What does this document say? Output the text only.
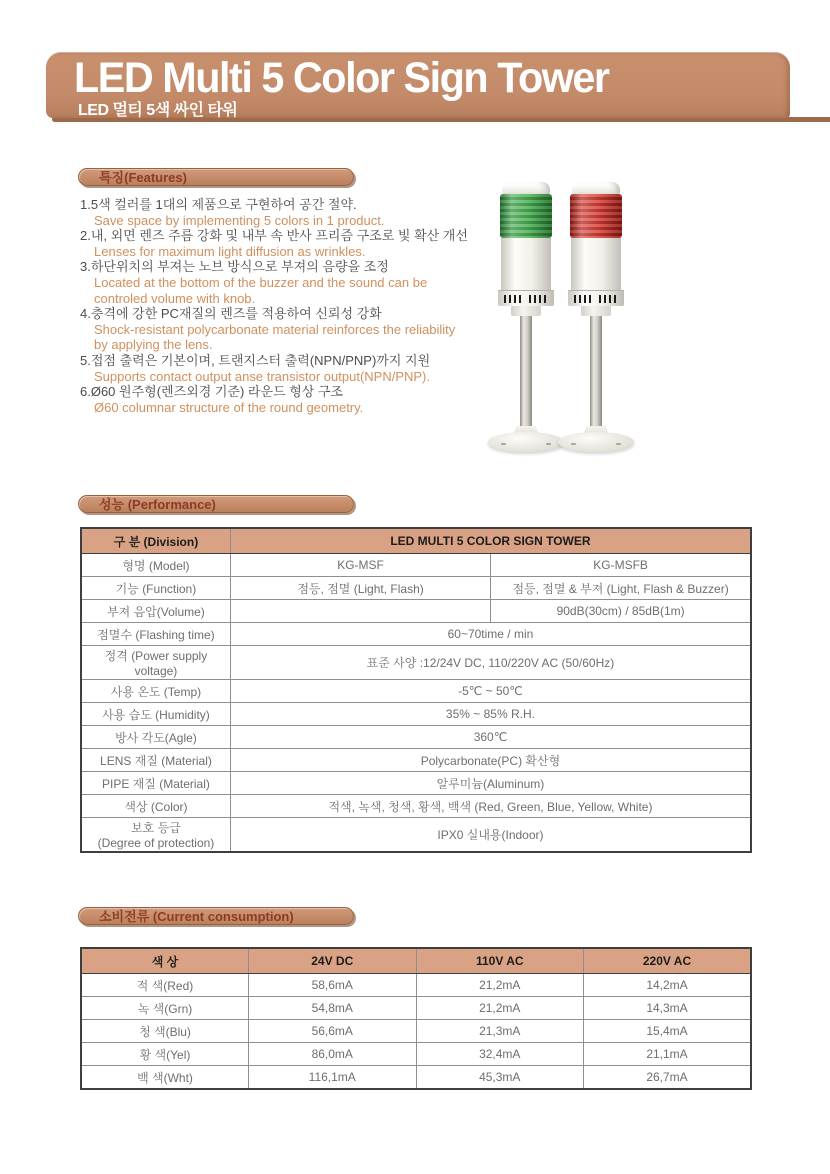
LED Multi 5 Color Sign Tower
LED 멀티 5색 싸인 타워
특징(Features)
1.5색 컬러를 1대의 제품으로 구현하여 공간 절약.
Save space by implementing 5 colors in 1 product.
2.내, 외면 렌즈 주름 강화 및 내부 속 반사 프리즘 구조로 빛 확산 개선
Lenses for maximum light diffusion as wrinkles.
3.하단위치의 부져는 노브 방식으로 부져의 음량을 조정
Located at the bottom of the buzzer and the sound can be
controled volume with knob.
4.충격에 강한 PC재질의 렌즈를 적용하여 신뢰성 강화
Shock-resistant polycarbonate material reinforces the reliability
by applying the lens.
5.접점 출력은 기본이며, 트랜지스터 출력(NPN/PNP)까지 지원
Supports contact output anse transistor output(NPN/PNP).
6.Ø60 원주형(렌즈외경 기준) 라운드 형상 구조
Ø60 columnar structure of the round geometry.
성능 (Performance)
구 분 (Division)	LED MULTI 5 COLOR SIGN TOWER	
형명 (Model)	KG-MSF	KG-MSFB
기능 (Function)	점등, 점멸 (Light, Flash)	점등, 점멸 & 부져 (Light, Flash & Buzzer)
부져 음압(Volume)		90dB(30cm) / 85dB(1m)
점멸수 (Flashing time)	60~70time / min	
정격 (Power supply voltage)	표준 사양 :12/24V DC, 110/220V AC (50/60Hz)	
사용 온도 (Temp)	-5℃ ~ 50℃	
사용 습도 (Humidity)	35% ~ 85% R.H.	
방사 각도(Agle)	360℃	
LENS 재질 (Material)	Polycarbonate(PC) 확산형	
PIPE 재질 (Material)	알루미늄(Aluminum)	
색상 (Color)	적색, 녹색, 청색, 황색, 백색 (Red, Green, Blue, Yellow, White)	
보호 등급
(Degree of protection)	IPX0 실내용(Indoor)	
소비전류 (Current consumption)
색 상	24V DC	110V AC	220V AC
적 색(Red)	58,6mA	21,2mA	14,2mA
녹 색(Grn)	54,8mA	21,2mA	14,3mA
청 색(Blu)	56,6mA	21,3mA	15,4mA
황 색(Yel)	86,0mA	32,4mA	21,1mA
백 색(Wht)	116,1mA	45,3mA	26,7mA
